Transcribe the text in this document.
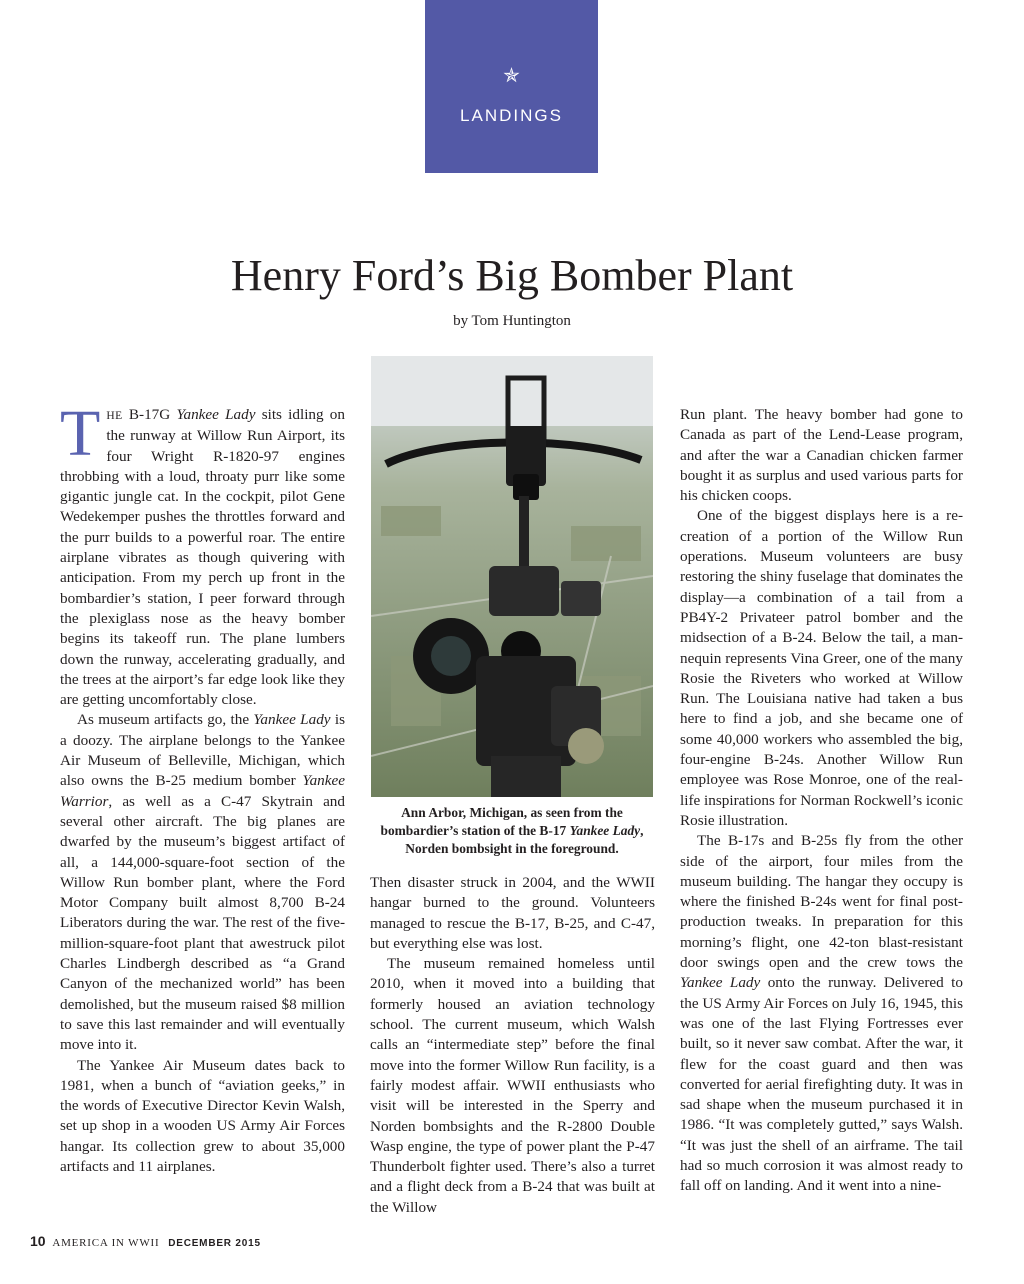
✯
LANDINGS
Henry Ford’s Big Bomber Plant
by Tom Huntington

THE B-17G Yankee Lady sits idling on the runway at Willow Run Airport, its four Wright R-1820-97 engines throbbing with a loud, throaty purr like some gigantic jungle cat. In the cockpit, pilot Gene Wedekemper pushes the throttles forward and the purr builds to a powerful roar. The entire airplane vibrates as though quivering with anticipation. From my perch up front in the bombardier’s station, I peer forward through the plexiglass nose as the heavy bomber begins its takeoff run. The plane lumbers down the runway, accelerating gradually, and the trees at the airport’s far edge look like they are getting uncomfortably close.

As museum artifacts go, the Yankee Lady is a doozy. The airplane belongs to the Yankee Air Museum of Belleville, Michigan, which also owns the B-25 medium bomber Yankee Warrior, as well as a C-47 Skytrain and several other aircraft. The big planes are dwarfed by the museum’s biggest artifact of all, a 144,000-square-foot section of the Willow Run bomber plant, where the Ford Motor Company built almost 8,700 B-24 Liberators during the war. The rest of the five-million-square-foot plant that awestruck pilot Charles Lindbergh described as “a Grand Canyon of the mechanized world” has been demolished, but the museum raised $8 million to save this last remainder and will eventually move into it.

The Yankee Air Museum dates back to 1981, when a bunch of “aviation geeks,” in the words of Executive Director Kevin Walsh, set up shop in a wooden US Army Air Forces hangar. Its collection grew to about 35,000 artifacts and 11 airplanes.

Ann Arbor, Michigan, as seen from the bombardier’s station of the B-17 Yankee Lady, Norden bombsight in the foreground.

Then disaster struck in 2004, and the WWII hangar burned to the ground. Volunteers managed to rescue the B-17, B-25, and C-47, but everything else was lost.

The museum remained homeless until 2010, when it moved into a building that formerly housed an aviation technology school. The current museum, which Walsh calls an “intermediate step” before the final move into the former Willow Run facility, is a fairly modest affair. WWII enthusiasts who visit will be interested in the Sperry and Norden bombsights and the R-2800 Double Wasp engine, the type of power plant the P-47 Thunderbolt fighter used. There’s also a turret and a flight deck from a B-24 that was built at the Willow

Run plant. The heavy bomber had gone to Canada as part of the Lend-Lease program, and after the war a Canadian chicken farmer bought it as surplus and used various parts for his chicken coops.

One of the biggest displays here is a recreation of a portion of the Willow Run operations. Museum volunteers are busy restoring the shiny fuselage that dominates the display—a combination of a tail from a PB4Y-2 Privateer patrol bomber and the midsection of a B-24. Below the tail, a mannequin represents Vina Greer, one of the many Rosie the Riveters who worked at Willow Run. The Louisiana native had taken a bus here to find a job, and she became one of some 40,000 workers who assembled the big, four-engine B-24s. Another Willow Run employee was Rose Monroe, one of the real-life inspirations for Norman Rockwell’s iconic Rosie illustration.

The B-17s and B-25s fly from the other side of the airport, four miles from the museum building. The hangar they occupy is where the finished B-24s went for final post-production tweaks. In preparation for this morning’s flight, one 42-ton blast-resistant door swings open and the crew tows the Yankee Lady onto the runway. Delivered to the US Army Air Forces on July 16, 1945, this was one of the last Flying Fortresses ever built, so it never saw combat. After the war, it flew for the coast guard and then was converted for aerial firefighting duty. It was in sad shape when the museum purchased it in 1986. “It was completely gutted,” says Walsh. “It was just the shell of an airframe. The tail had so much corrosion it was almost ready to fall off on landing. And it went into a nine-

10 AMERICA IN WWII DECEMBER 2015
